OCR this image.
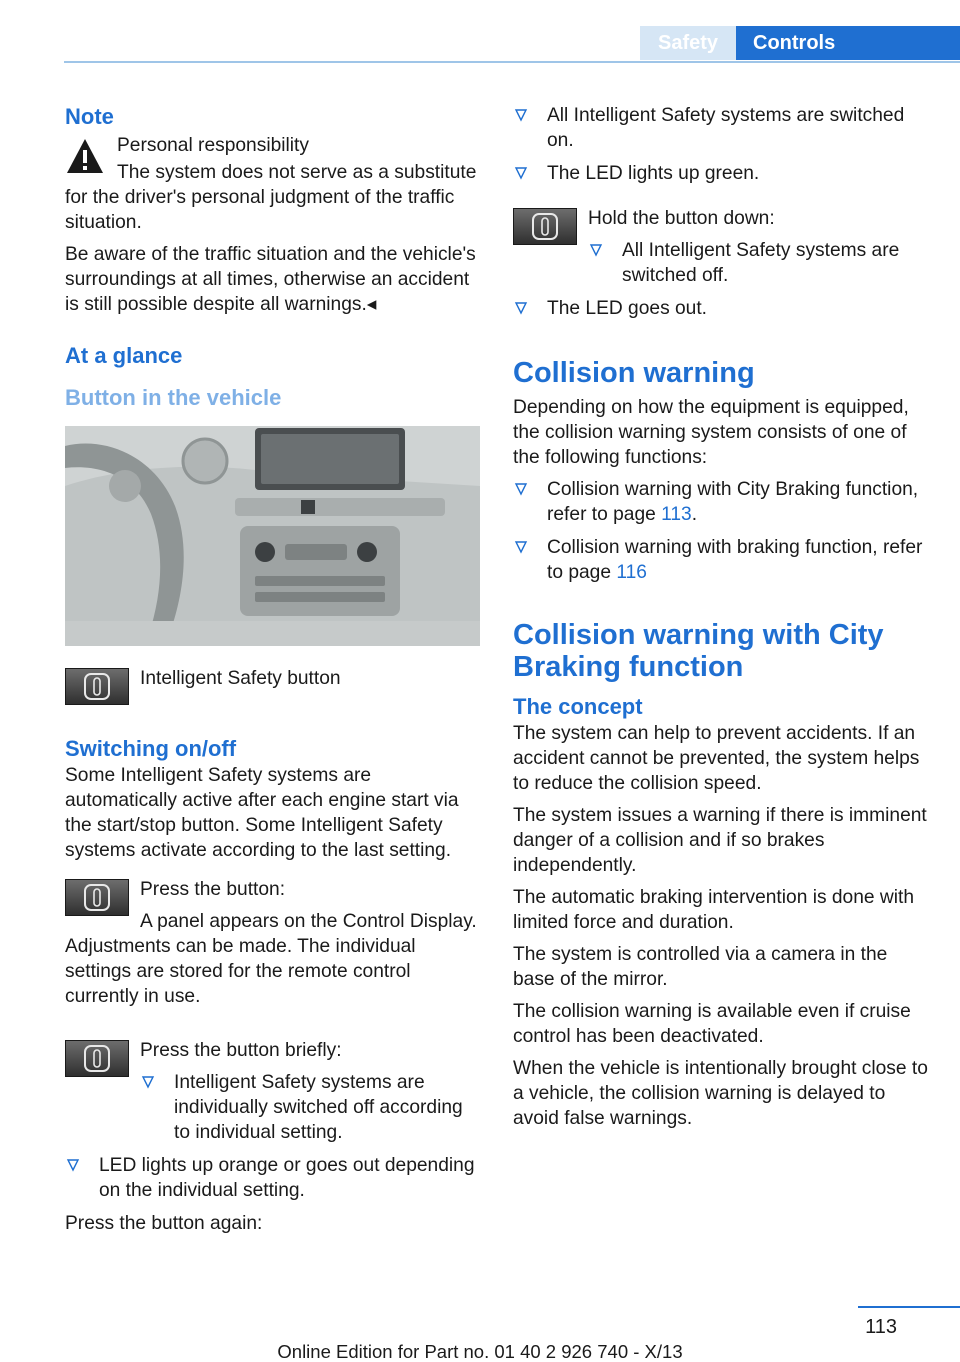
Safety	Controls
Note

Personal responsibility

The system does not serve as a substitute for the driver's personal judgment of the traffic situation.

Be aware of the traffic situation and the vehicle's surroundings at all times, otherwise an accident is still possible despite all warnings.◂

At a glance
Button in the vehicle

Intelligent Safety button

Switching on/off

Some Intelligent Safety systems are automatically active after each engine start via the start/stop button. Some Intelligent Safety systems activate according to the last setting.

Press the button:

A panel appears on the Control Display. Adjustments can be made. The individual settings are stored for the remote control currently in use.

Press the button briefly:

Intelligent Safety systems are individually switched off according to individual setting.
LED lights up orange or goes out depending on the individual setting.

Press the button again:

All Intelligent Safety systems are switched on.
The LED lights up green.

Hold the button down:

All Intelligent Safety systems are switched off.
The LED goes out.
Collision warning

Depending on how the equipment is equipped, the collision warning system consists of one of the following functions:

Collision warning with City Braking function, refer to page 113.
Collision warning with braking function, refer to page 116
Collision warning with City Braking function
The concept

The system can help to prevent accidents. If an accident cannot be prevented, the system helps to reduce the collision speed.

The system issues a warning if there is imminent danger of a collision and if so brakes independently.

The automatic braking intervention is done with limited force and duration.

The system is controlled via a camera in the base of the mirror.

The collision warning is available even if cruise control has been deactivated.

When the vehicle is intentionally brought close to a vehicle, the collision warning is delayed to avoid false warnings.

113
Online Edition for Part no. 01 40 2 926 740 - X/13
